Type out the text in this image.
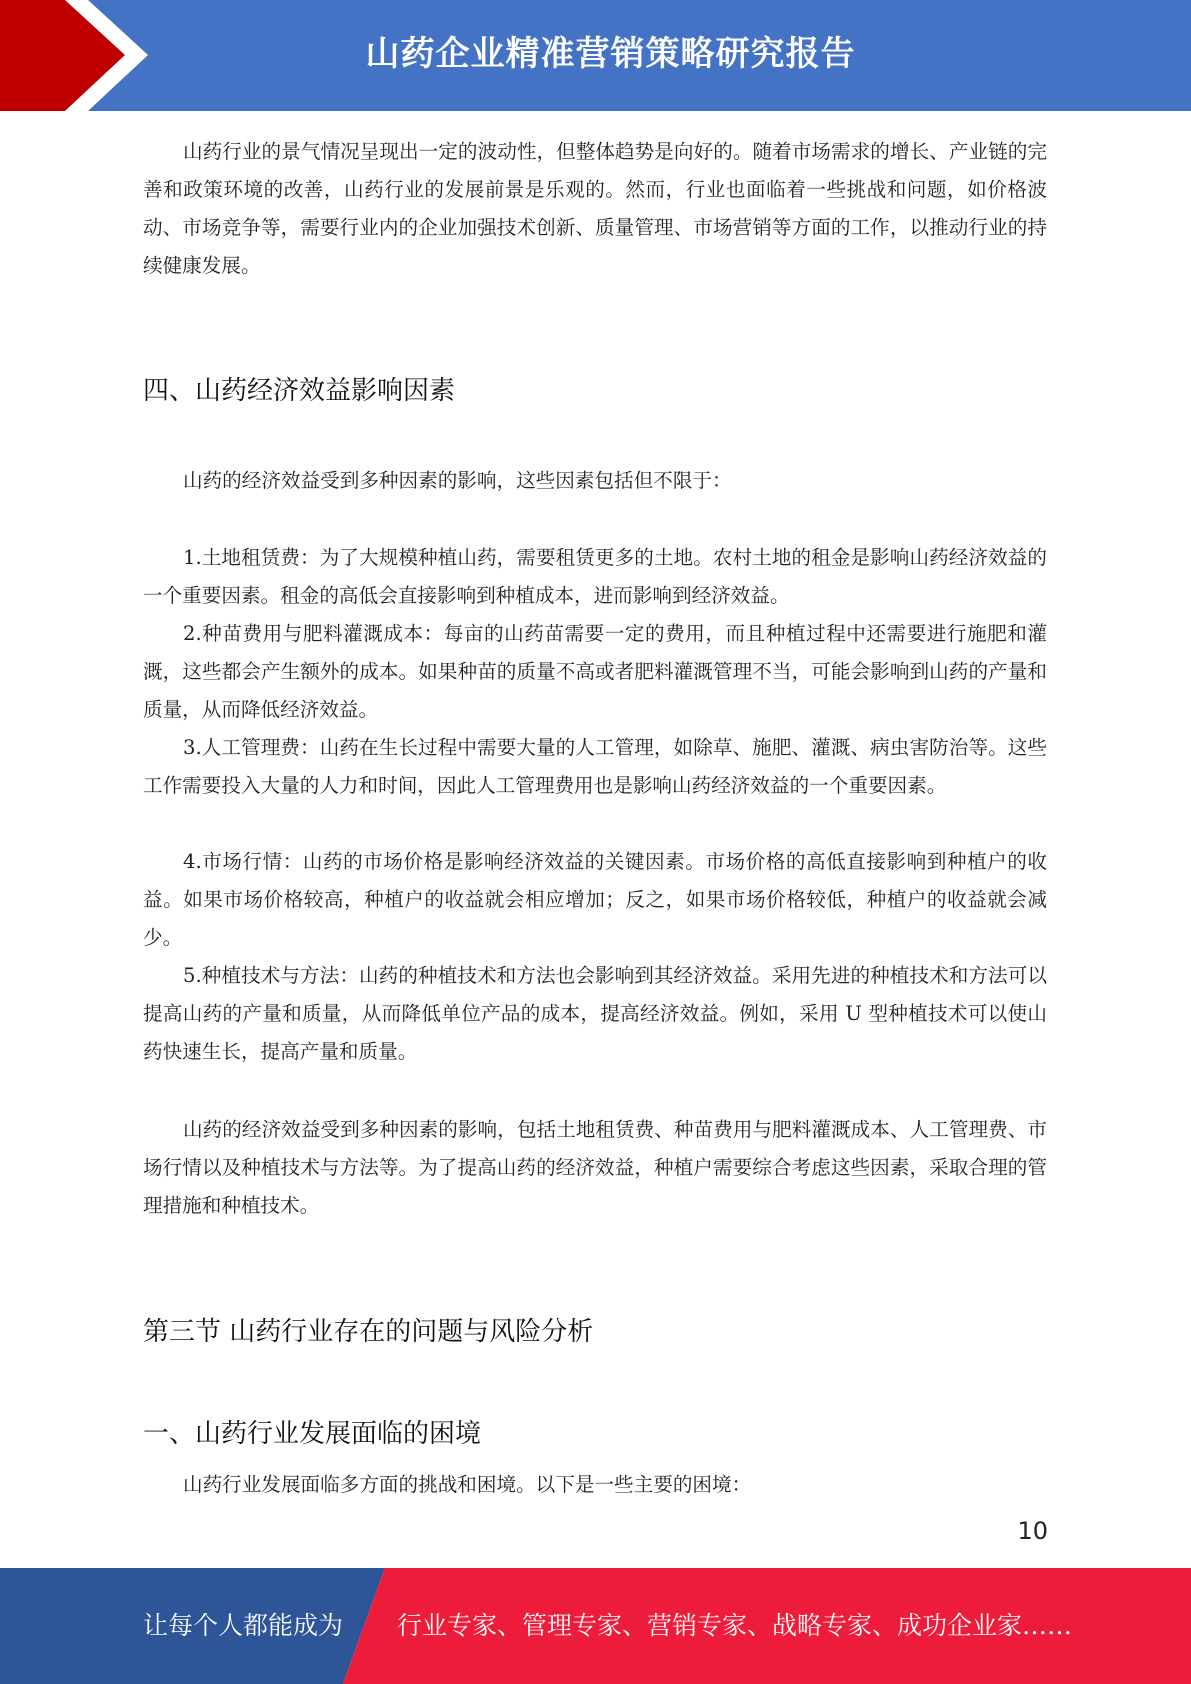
山药企业精准营销策略研究报告

山药行业的景气情况呈现出一定的波动性，但整体趋势是向好的。随着市场需求的增长、产业链的完善和政策环境的改善，山药行业的发展前景是乐观的。然而，行业也面临着一些挑战和问题，如价格波动、市场竞争等，需要行业内的企业加强技术创新、质量管理、市场营销等方面的工作，以推动行业的持续健康发展。

四、山药经济效益影响因素

山药的经济效益受到多种因素的影响，这些因素包括但不限于：

1.土地租赁费：为了大规模种植山药，需要租赁更多的土地。农村土地的租金是影响山药经济效益的一个重要因素。租金的高低会直接影响到种植成本，进而影响到经济效益。

2.种苗费用与肥料灌溉成本：每亩的山药苗需要一定的费用，而且种植过程中还需要进行施肥和灌溉，这些都会产生额外的成本。如果种苗的质量不高或者肥料灌溉管理不当，可能会影响到山药的产量和质量，从而降低经济效益。

3.人工管理费：山药在生长过程中需要大量的人工管理，如除草、施肥、灌溉、病虫害防治等。这些工作需要投入大量的人力和时间，因此人工管理费用也是影响山药经济效益的一个重要因素。

4.市场行情：山药的市场价格是影响经济效益的关键因素。市场价格的高低直接影响到种植户的收益。如果市场价格较高，种植户的收益就会相应增加；反之，如果市场价格较低，种植户的收益就会减少。

5.种植技术与方法：山药的种植技术和方法也会影响到其经济效益。采用先进的种植技术和方法可以提高山药的产量和质量，从而降低单位产品的成本，提高经济效益。例如，采用 U 型种植技术可以使山药快速生长，提高产量和质量。

山药的经济效益受到多种因素的影响，包括土地租赁费、种苗费用与肥料灌溉成本、人工管理费、市场行情以及种植技术与方法等。为了提高山药的经济效益，种植户需要综合考虑这些因素，采取合理的管理措施和种植技术。

第三节 山药行业存在的问题与风险分析
一、山药行业发展面临的困境

山药行业发展面临多方面的挑战和困境。以下是一些主要的困境：

10
让每个人都能成为 行业专家、管理专家、营销专家、战略专家、成功企业家……
